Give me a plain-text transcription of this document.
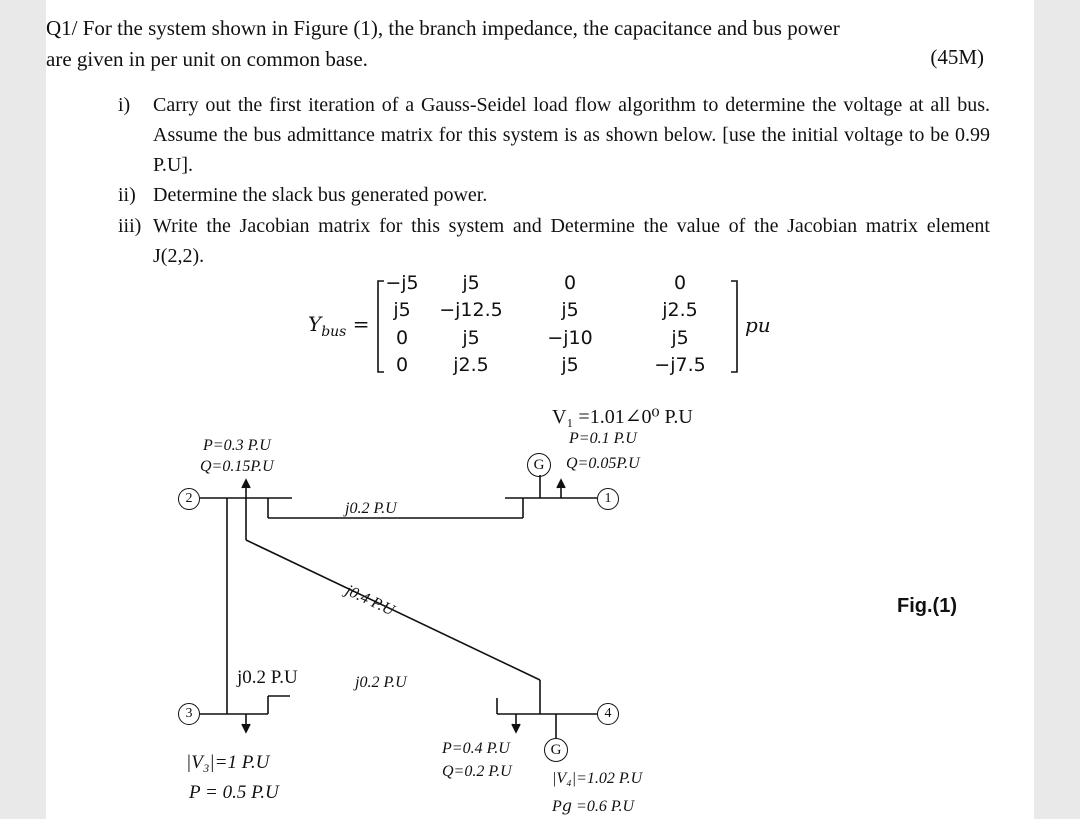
Q1/ For the system shown in Figure (1), the branch impedance, the capacitance and bus power
are given in per unit on common base.	(45M)
i) Carry out the first iteration of a Gauss-Seidel load flow algorithm to determine the voltage at all bus. Assume the bus admittance matrix for this system is as shown below. [use the initial voltage to be 0.99 P.U].
ii) Determine the slack bus generated power.
iii) Write the Jacobian matrix for this system and Determine the value of the Jacobian matrix element J(2,2).
$Y_{bus}$ =
−j5	j5	0	0
j5	−j12.5	j5	j2.5
0	j5	−j10	j5
0	j2.5	j5	−j7.5
pu
2	1
3	4
G
G
V₁ =1.01∠0⁰ P.U
P=0.1 P.U
Q=0.05P.U
P=0.3 P.U
Q=0.15P.U
j0.2 P.U
j0.4 P.U
j0.2 P.U	j0.2 P.U
|V₃|=1 P.U
P = 0.5 P.U
P=0.4 P.U
Q=0.2 P.U	|V₄|=1.02 P.U
P𝑔 =0.6 P.U
Fig.(1)
